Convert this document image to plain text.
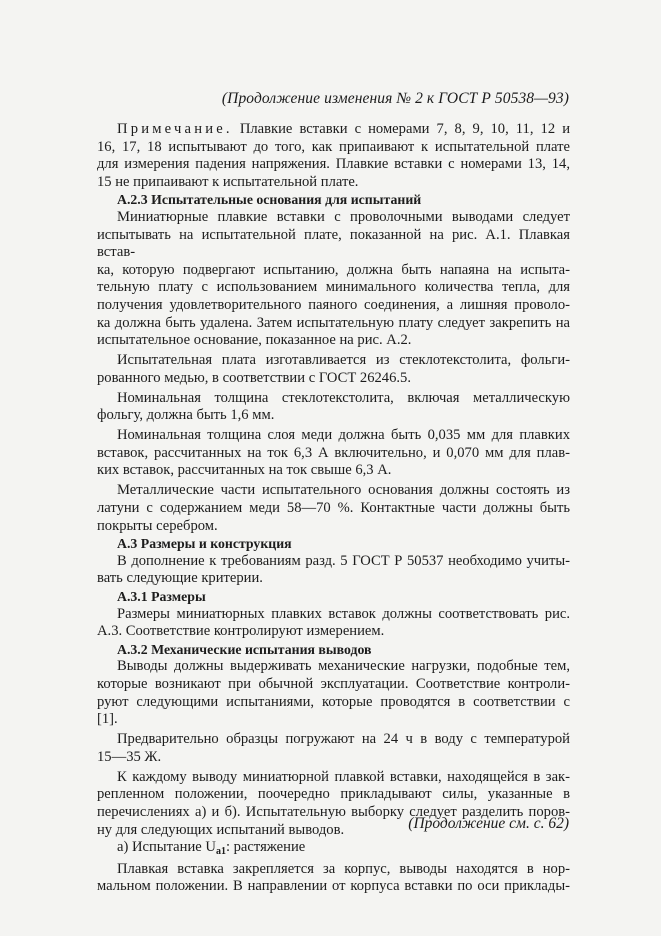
(Продолжение изменения № 2 к ГОСТ Р 50538—93)

Примечание. Плавкие вставки с номерами 7, 8, 9, 10, 11, 12 и

16, 17, 18 испытывают до того, как припаивают к испытательной плате

для измерения падения напряжения. Плавкие вставки с номерами 13, 14,

15 не припаивают к испытательной плате.

А.2.3 Испытательные основания для испытаний

Миниатюрные плавкие вставки с проволочными выводами следует

испытывать на испытательной плате, показанной на рис. А.1. Плавкая встав-

ка, которую подвергают испытанию, должна быть напаяна на испыта-

тельную плату с использованием минимального количества тепла, для

получения удовлетворительного паяного соединения, а лишняя проволо-

ка должна быть удалена. Затем испытательную плату следует закрепить на

испытательное основание, показанное на рис. А.2.

Испытательная плата изготавливается из стеклотекстолита, фольги-

рованного медью, в соответствии с ГОСТ 26246.5.

Номинальная толщина стеклотекстолита, включая металлическую

фольгу, должна быть 1,6 мм.

Номинальная толщина слоя меди должна быть 0,035 мм для плавких

вставок, рассчитанных на ток 6,3 А включительно, и 0,070 мм для плав-

ких вставок, рассчитанных на ток свыше 6,3 А.

Металлические части испытательного основания должны состоять из

латуни с содержанием меди 58—70 %. Контактные части должны быть

покрыты серебром.

А.3 Размеры и конструкция

В дополнение к требованиям разд. 5 ГОСТ Р 50537 необходимо учиты-

вать следующие критерии.

А.3.1 Размеры

Размеры миниатюрных плавких вставок должны соответствовать рис.

А.3. Соответствие контролируют измерением.

А.3.2 Механические испытания выводов

Выводы должны выдерживать механические нагрузки, подобные тем,

которые возникают при обычной эксплуатации. Соответствие контроли-

руют следующими испытаниями, которые проводятся в соответствии с

[1].

Предварительно образцы погружают на 24 ч в воду с температурой

15—35 Ж.

К каждому выводу миниатюрной плавкой вставки, находящейся в зак-

репленном положении, поочередно прикладывают силы, указанные в

перечислениях а) и б). Испытательную выборку следует разделить поров-

ну для следующих испытаний выводов.

а) Испытание $U_{a1}$: растяжение

Плавкая вставка закрепляется за корпус, выводы находятся в нор-

мальном положении. В направлении от корпуса вставки по оси приклады-

(Продолжение см. с. 62)
